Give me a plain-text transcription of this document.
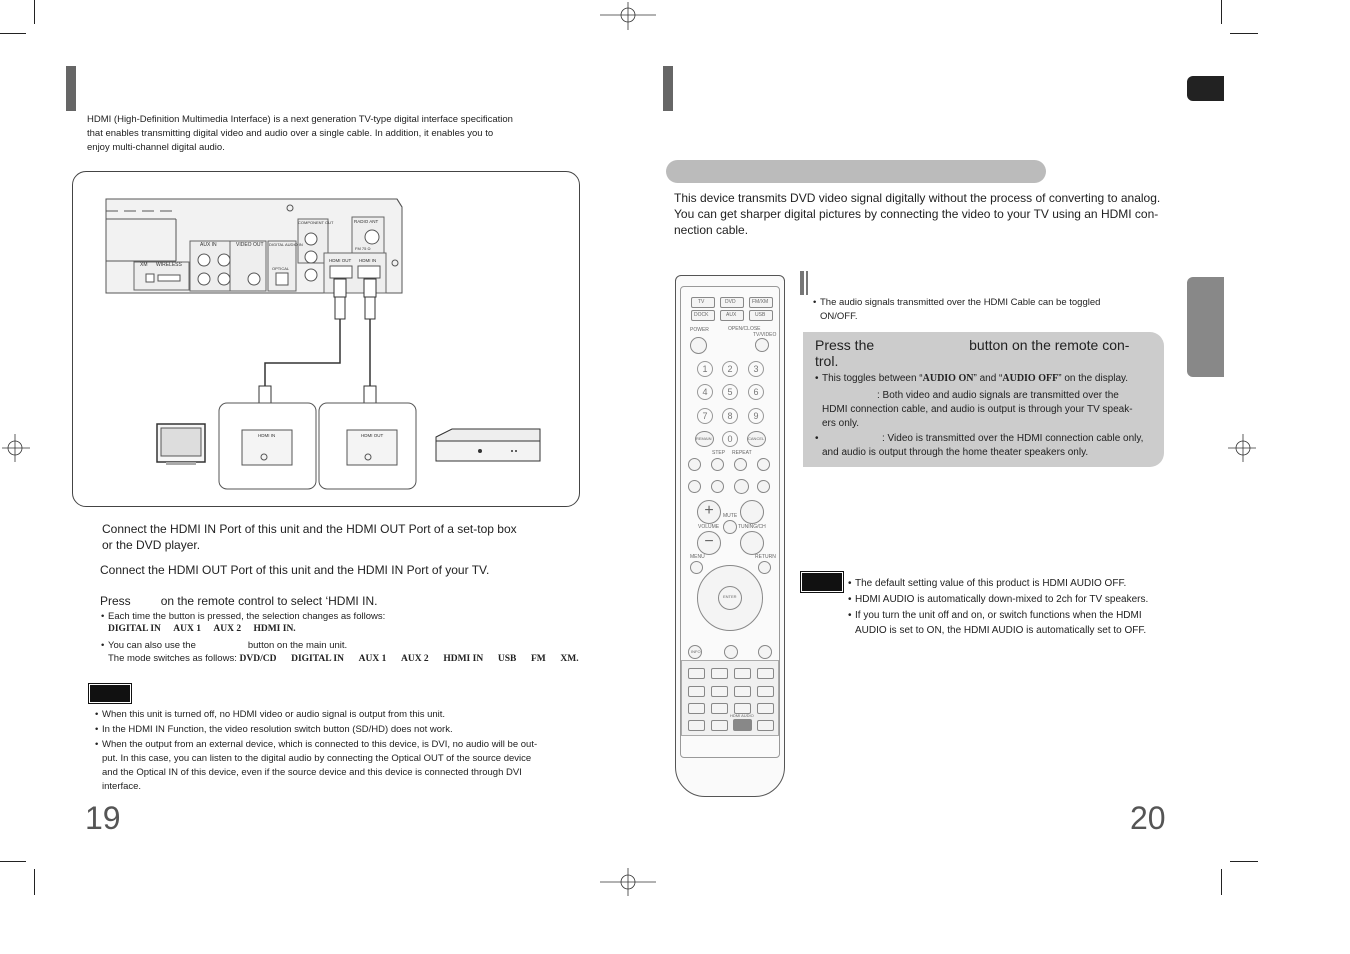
HDMI (High-Definition Multimedia Interface) is a next generation TV-type digital interface specification
that enables transmitting digital video and audio over a single cable. In addition, it enables you to
enjoy multi-channel digital audio.
XM WIRELESS
AUX IN	VIDEO OUT DIGITAL AUDIO IN
OPTICAL
COMPONENT OUT
HDMI OUT HDMI IN
RADIO ANT
FM 75 Ω
HDMI IN	HDMI OUT
Connect the HDMI IN Port of this unit and the HDMI OUT Port of a set-top box
or the DVD player.
Connect the HDMI OUT Port of this unit and the HDMI IN Port of your TV.
Press	on the remote control to select ‘HDMI IN.
• Each time the button is pressed, the selection changes as follows:
DIGITAL IN AUX 1 AUX 2 HDMI IN.
• You can also use the	button on the main unit.
The mode switches as follows: DVD/CD DIGITAL IN AUX 1 AUX 2 HDMI IN USB FM XM.
• When this unit is turned off, no HDMI video or audio signal is output from this unit.
• In the HDMI IN Function, the video resolution switch button (SD/HD) does not work.
• When the output from an external device, which is connected to this device, is DVI, no audio will be out-
put. In this case, you can listen to the digital audio by connecting the Optical OUT of the source device
and the Optical IN of this device, even if the source device and this device is connected through DVI
interface.
19
This device transmits DVD video signal digitally without the process of converting to analog.
You can get sharper digital pictures by connecting the video to your TV using an HDMI con-
nection cable.
• The audio signals transmitted over the HDMI Cable can be toggled
ON/OFF.
Press the	button on the remote con-
trol.
This toggles between “AUDIO ON” and “AUDIO OFF” on the display.
• : Both video and audio signals are transmitted over the
HDMI connection cable, and audio is output is through your TV speak-
ers only.
•	: Video is transmitted over the HDMI connection cable only,
and audio is output through the home theater speakers only.
• The default setting value of this product is HDMI AUDIO OFF.
• HDMI AUDIO is automatically down-mixed to 2ch for TV speakers.
• If you turn the unit off and on, or switch functions when the HDMI
AUDIO is set to ON, the HDMI AUDIO is automatically set to OFF.
20
TV	DVD	FM/XM
DOCK	AUX	USB
POWER	OPEN/CLOSE
TV/VIDEO
1	2	3
4	5	6
7	8	9
REMAIN	0	CANCEL
STEP REPEAT
+	MUTE
VOLUME	TUNING/CH
−
MENU	RETURN
ENTER
INFO
HDMI AUDIO
